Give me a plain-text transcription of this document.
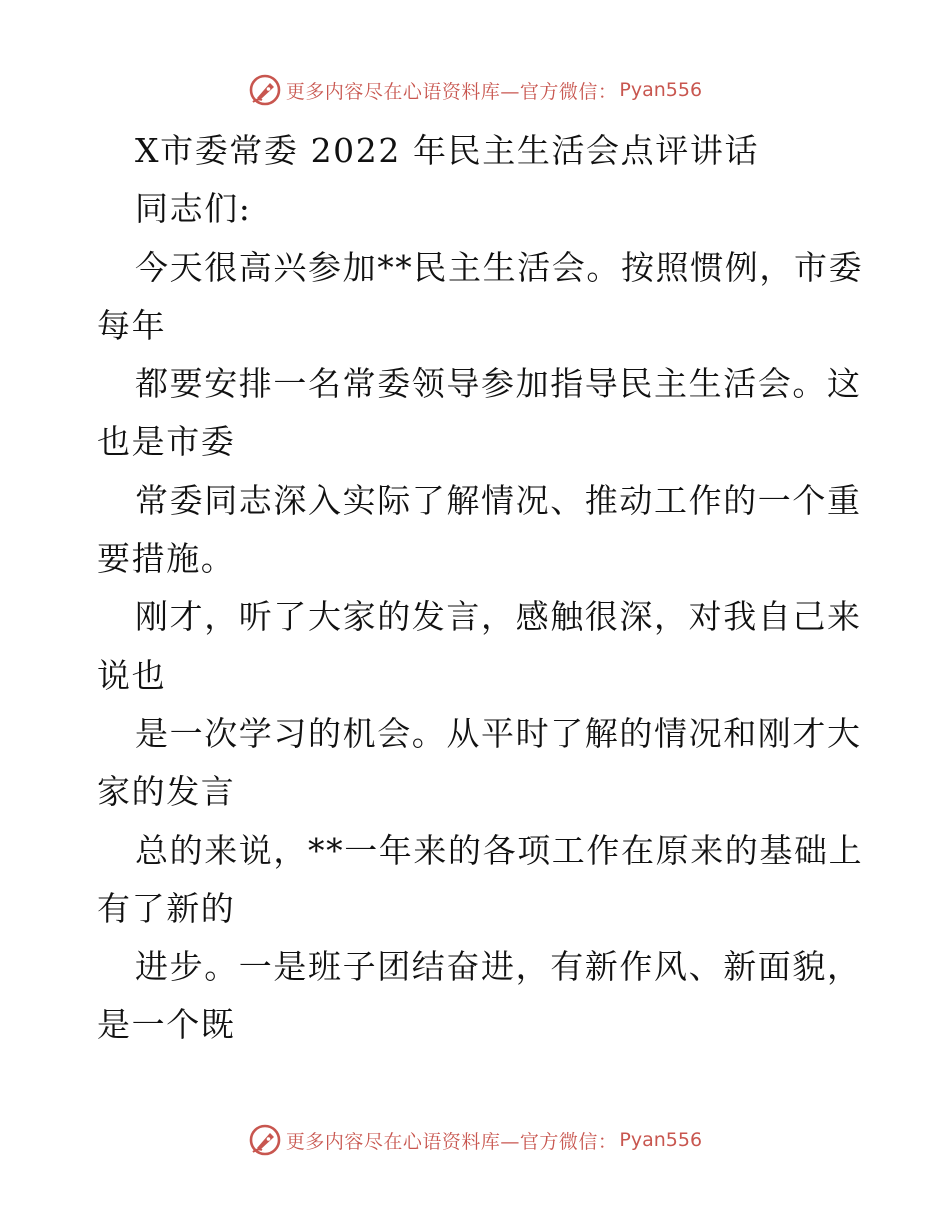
更多内容尽在心语资料库—官方微信： Pyan556
X市委常委 2022 年民主生活会点评讲话
同志们:
今天很高兴参加**民主生活会。按照惯例，市委
每年
都要安排一名常委领导参加指导民主生活会。这
也是市委
常委同志深入实际了解情况、推动工作的一个重
要措施。
刚才，听了大家的发言，感触很深，对我自己来
说也
是一次学习的机会。从平时了解的情况和刚才大
家的发言
总的来说，**一年来的各项工作在原来的基础上
有了新的
进步。一是班子团结奋进，有新作风、新面貌，
是一个既
更多内容尽在心语资料库—官方微信： Pyan556
